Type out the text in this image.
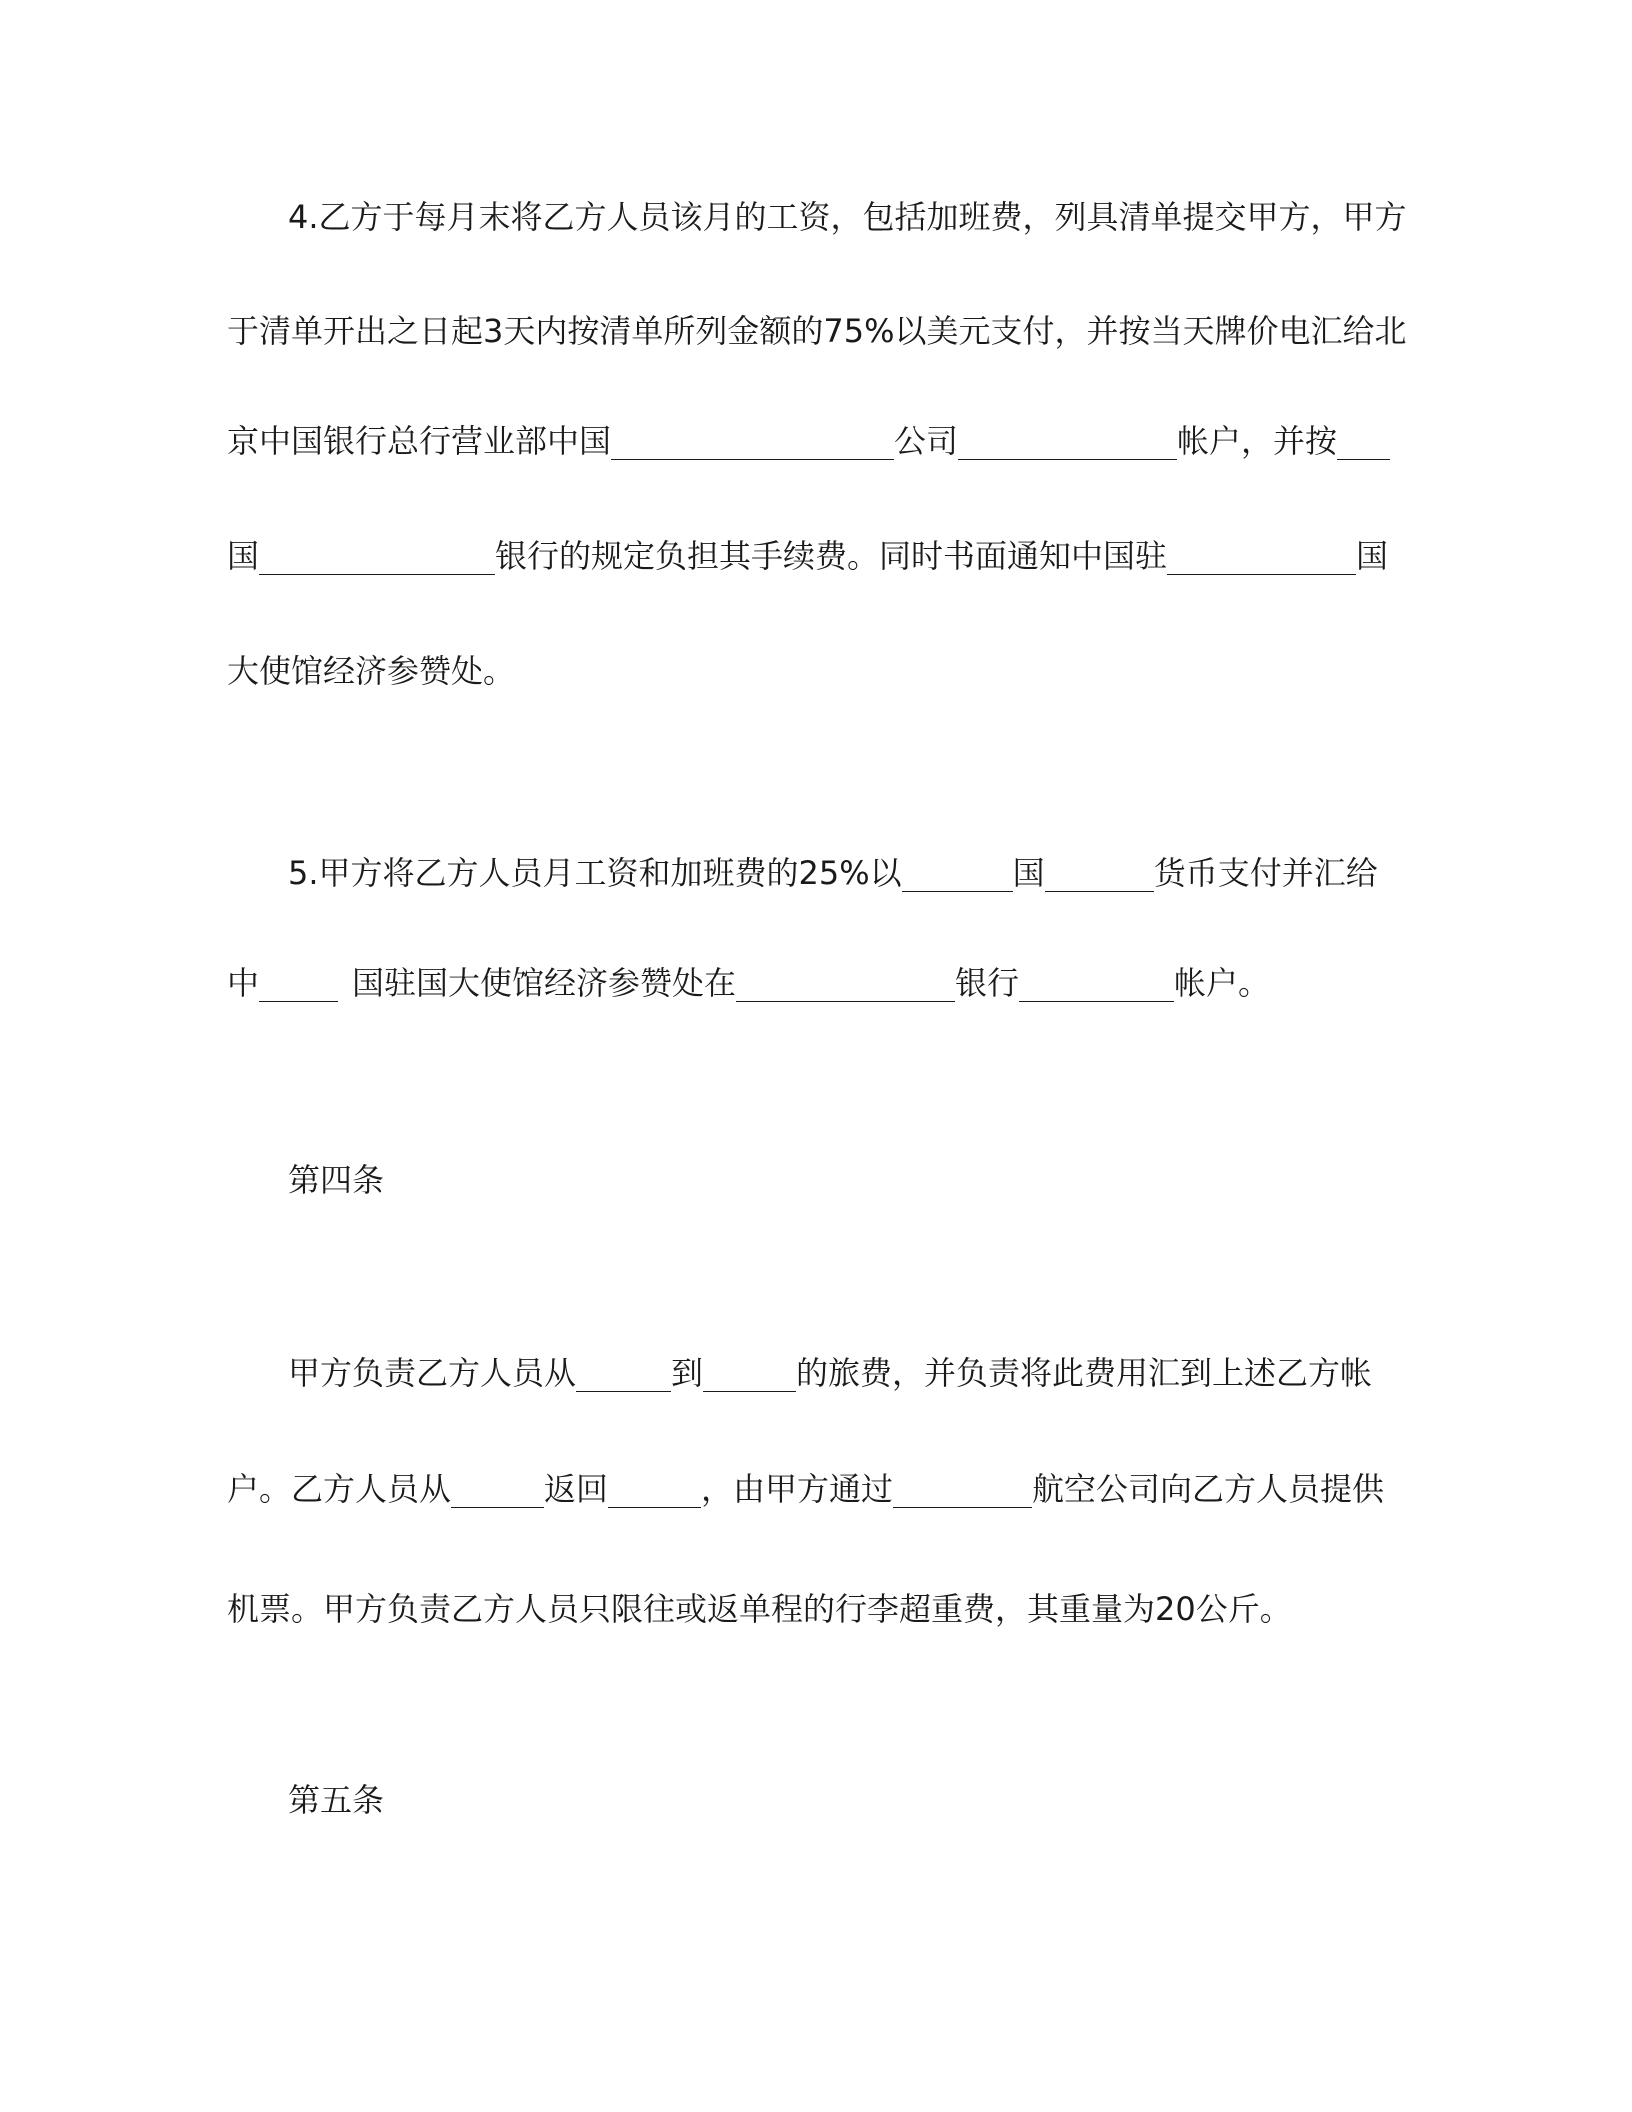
4.乙方于每月末将乙方人员该月的工资，包括加班费，列具清单提交甲方，甲方
于清单开出之日起3天内按清单所列金额的75%以美元支付，并按当天牌价电汇给北
京中国银行总行营业部中国	公司	帐户，并按
国	银行的规定负担其手续费。同时书面通知中国驻	国
大使馆经济参赞处。
5.甲方将乙方人员月工资和加班费的25%以	国	货币支付并汇给
中	国驻国大使馆经济参赞处在	银行	帐户。
第四条
甲方负责乙方人员从	到	的旅费，并负责将此费用汇到上述乙方帐
户。乙方人员从	返回	，由甲方通过	航空公司向乙方人员提供
机票。甲方负责乙方人员只限往或返单程的行李超重费，其重量为20公斤。
第五条
